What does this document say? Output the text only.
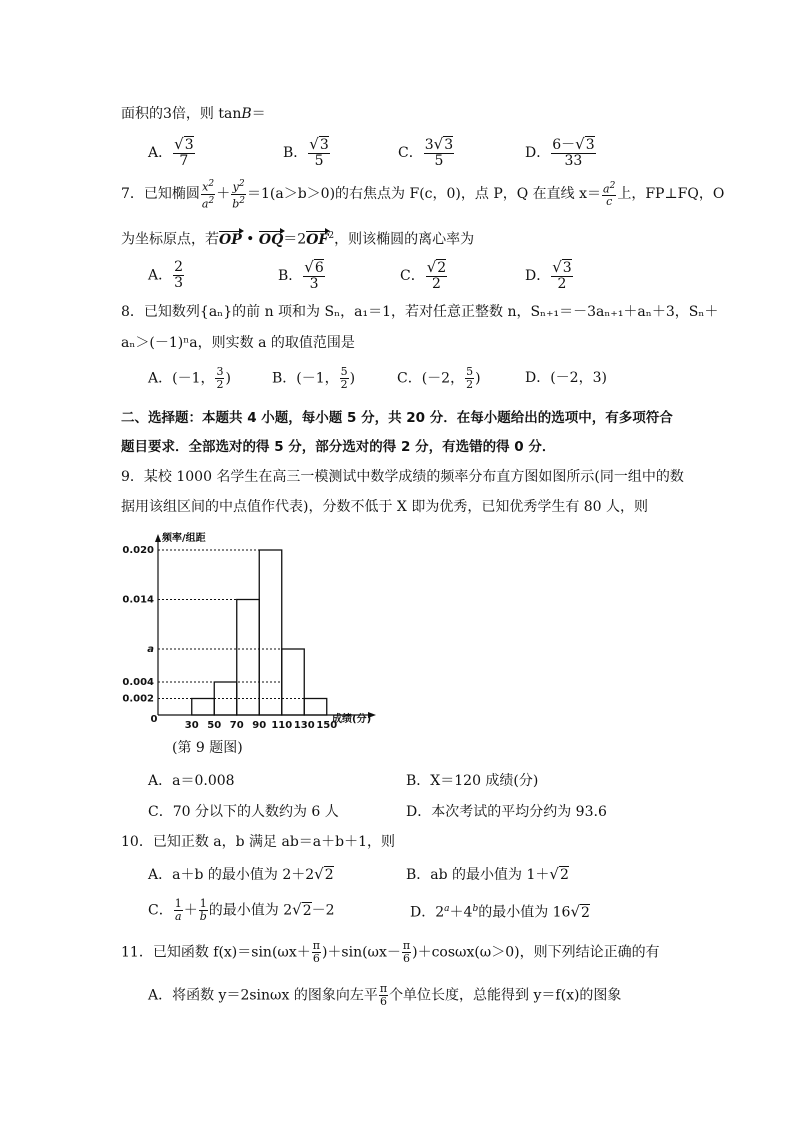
面积的3倍，则 tanB＝
A． $\frac{√3}{7}$	B． $\frac{√3}{5}$	C． $\frac{3√3}{5}$	D． $\frac{6-√3}{33}$
7．已知椭圆 $\frac{x^2}{a^2} + \frac{y^2}{b^2} =1(a>b>0)$的右焦点为 F(c，0)，点 P，Q 在直线 $x= \frac{a^2}{c}$ 上，FP⊥FQ，O
为坐标原点，若OP • $OQ=2OF^2$，则该椭圆的离心率为
A． $\frac{2}{3}$	B． $\frac{√6}{3}$	C． $\frac{√2}{2}$	D． $\frac{√3}{2}$
8．已知数列{aₙ}的前 n 项和为 Sₙ，a₁＝1，若对任意正整数 n，Sₙ₊₁＝－3aₙ₊₁＋aₙ＋3，Sₙ＋
aₙ＞(－1)ⁿa，则实数 a 的取值范围是
A．(－1， $\frac{3}{2}$ )	B．(－1， $\frac{5}{2}$ )	C．(－2， $\frac{5}{2}$ )	D．(－2，3)
二、选择题：本题共 4 小题，每小题 5 分，共 20 分．在每小题给出的选项中，有多项符合
题目要求．全部选对的得 5 分，部分选对的得 2 分，有选错的得 0 分．
9．某校 1000 名学生在高三一模测试中数学成绩的频率分布直方图如图所示(同一组中的数
据用该组区间的中点值作代表)，分数不低于 X 即为优秀，已知优秀学生有 80 人，则
0.002
0.004
a
0.014
0.020
30 50 70 90 110 130 150
频率/组距
成绩(分)
0
(第 9 题图)
A．a＝0.008	B．X＝120 成绩(分)
C．70 分以下的人数约为 6 人	D．本次考试的平均分约为 93.6
10．已知正数 a，b 满足 ab＝a＋b＋1，则
A．a＋b 的最小值为 2＋2√2	B．ab 的最小值为 1＋√2
C． $\frac{1}{a} + \frac{1}{b}$ 的最小值为 2√2－2	D．$2^a+4^b$的最小值为 16√2
11．已知函数 $f(x)=\sin(\omega x+ \frac{\pi}{6} )+\sin(\omega x- \frac{\pi}{6} )+\cos\omega x(\omega>0)$，则下列结论正确的有
A．将函数 y＝2sinωx 的图象向左平 $\frac{\pi}{6}$ 个单位长度，总能得到 y＝f(x)的图象
